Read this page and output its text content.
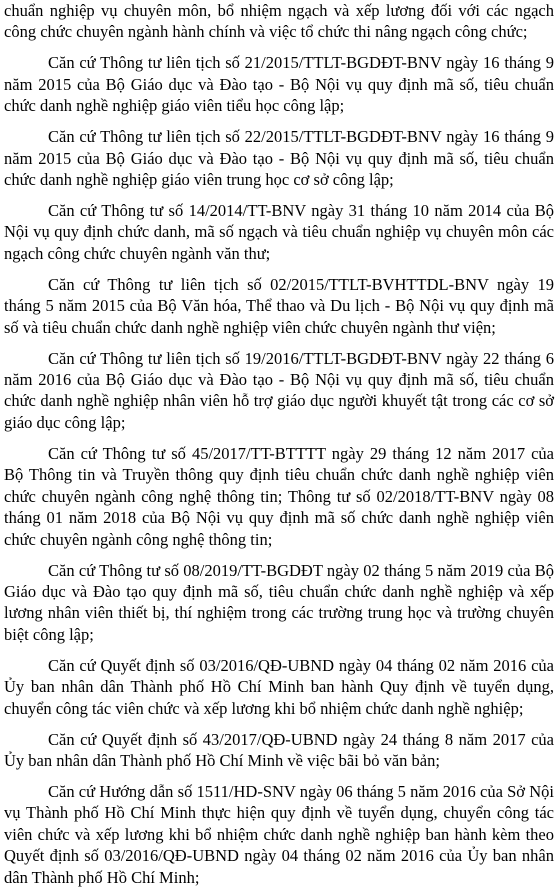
chuẩn nghiệp vụ chuyên môn, bổ nhiệm ngạch và xếp lương đối với các ngạch công chức chuyên ngành hành chính và việc tổ chức thi nâng ngạch công chức;

Căn cứ Thông tư liên tịch số 21/2015/TTLT-BGDĐT-BNV ngày 16 tháng 9 năm 2015 của Bộ Giáo dục và Đào tạo - Bộ Nội vụ quy định mã số, tiêu chuẩn chức danh nghề nghiệp giáo viên tiểu học công lập;

Căn cứ Thông tư liên tịch số 22/2015/TTLT-BGDĐT-BNV ngày 16 tháng 9 năm 2015 của Bộ Giáo dục và Đào tạo - Bộ Nội vụ quy định mã số, tiêu chuẩn chức danh nghề nghiệp giáo viên trung học cơ sở công lập;

Căn cứ Thông tư số 14/2014/TT-BNV ngày 31 tháng 10 năm 2014 của Bộ Nội vụ quy định chức danh, mã số ngạch và tiêu chuẩn nghiệp vụ chuyên môn các ngạch công chức chuyên ngành văn thư;

Căn cứ Thông tư liên tịch số 02/2015/TTLT-BVHTTDL-BNV ngày 19 tháng 5 năm 2015 của Bộ Văn hóa, Thể thao và Du lịch - Bộ Nội vụ quy định mã số và tiêu chuẩn chức danh nghề nghiệp viên chức chuyên ngành thư viện;

Căn cứ Thông tư liên tịch số 19/2016/TTLT-BGDĐT-BNV ngày 22 tháng 6 năm 2016 của Bộ Giáo dục và Đào tạo - Bộ Nội vụ quy định mã số, tiêu chuẩn chức danh nghề nghiệp nhân viên hỗ trợ giáo dục người khuyết tật trong các cơ sở giáo dục công lập;

Căn cứ Thông tư số 45/2017/TT-BTTTT ngày 29 tháng 12 năm 2017 của Bộ Thông tin và Truyền thông quy định tiêu chuẩn chức danh nghề nghiệp viên chức chuyên ngành công nghệ thông tin; Thông tư số 02/2018/TT-BNV ngày 08 tháng 01 năm 2018 của Bộ Nội vụ quy định mã số chức danh nghề nghiệp viên chức chuyên ngành công nghệ thông tin;

Căn cứ Thông tư số 08/2019/TT-BGDĐT ngày 02 tháng 5 năm 2019 của Bộ Giáo dục và Đào tạo quy định mã số, tiêu chuẩn chức danh nghề nghiệp và xếp lương nhân viên thiết bị, thí nghiệm trong các trường trung học và trường chuyên biệt công lập;

Căn cứ Quyết định số 03/2016/QĐ-UBND ngày 04 tháng 02 năm 2016 của Ủy ban nhân dân Thành phố Hồ Chí Minh ban hành Quy định về tuyển dụng, chuyển công tác viên chức và xếp lương khi bổ nhiệm chức danh nghề nghiệp;

Căn cứ Quyết định số 43/2017/QĐ-UBND ngày 24 tháng 8 năm 2017 của Ủy ban nhân dân Thành phố Hồ Chí Minh về việc bãi bỏ văn bản;

Căn cứ Hướng dẫn số 1511/HD-SNV ngày 06 tháng 5 năm 2016 của Sở Nội vụ Thành phố Hồ Chí Minh thực hiện quy định về tuyển dụng, chuyển công tác viên chức và xếp lương khi bổ nhiệm chức danh nghề nghiệp ban hành kèm theo Quyết định số 03/2016/QĐ-UBND ngày 04 tháng 02 năm 2016 của Ủy ban nhân dân Thành phố Hồ Chí Minh;
